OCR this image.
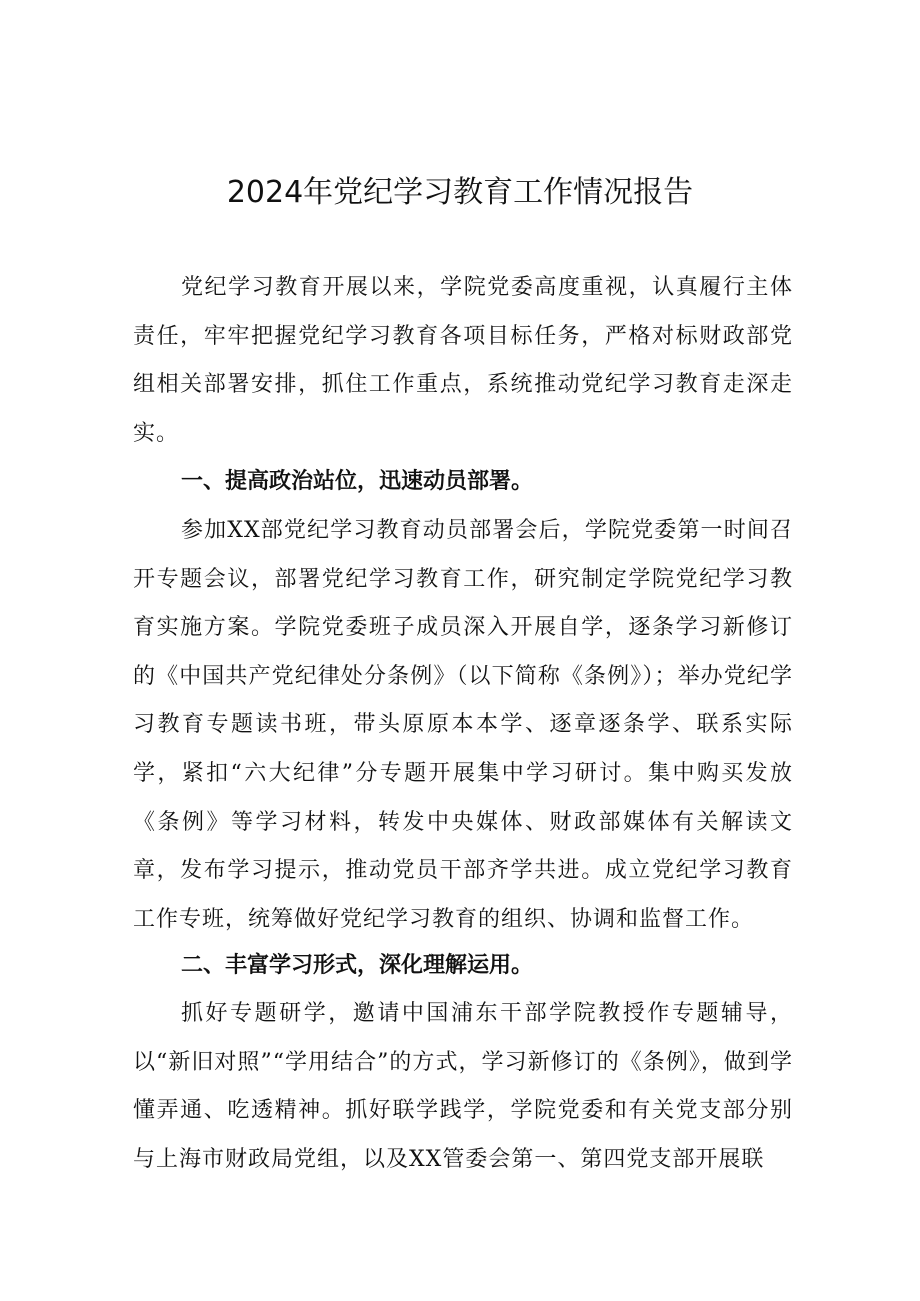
2024年党纪学习教育工作情况报告

党纪学习教育开展以来，学院党委高度重视，认真履行主体责任，牢牢把握党纪学习教育各项目标任务，严格对标财政部党组相关部署安排，抓住工作重点，系统推动党纪学习教育走深走实。

一、提高政治站位，迅速动员部署。

参加XX部党纪学习教育动员部署会后，学院党委第一时间召开专题会议，部署党纪学习教育工作，研究制定学院党纪学习教育实施方案。学院党委班子成员深入开展自学，逐条学习新修订的《中国共产党纪律处分条例》（以下简称《条例》）；举办党纪学习教育专题读书班，带头原原本本学、逐章逐条学、联系实际学，紧扣“六大纪律”分专题开展集中学习研讨。集中购买发放《条例》等学习材料，转发中央媒体、财政部媒体有关解读文章，发布学习提示，推动党员干部齐学共进。成立党纪学习教育工作专班，统筹做好党纪学习教育的组织、协调和监督工作。

二、丰富学习形式，深化理解运用。

抓好专题研学，邀请中国浦东干部学院教授作专题辅导，以“新旧对照”“学用结合”的方式，学习新修订的《条例》，做到学懂弄通、吃透精神。抓好联学践学，学院党委和有关党支部分别与上海市财政局党组，以及XX管委会第一、第四党支部开展联
